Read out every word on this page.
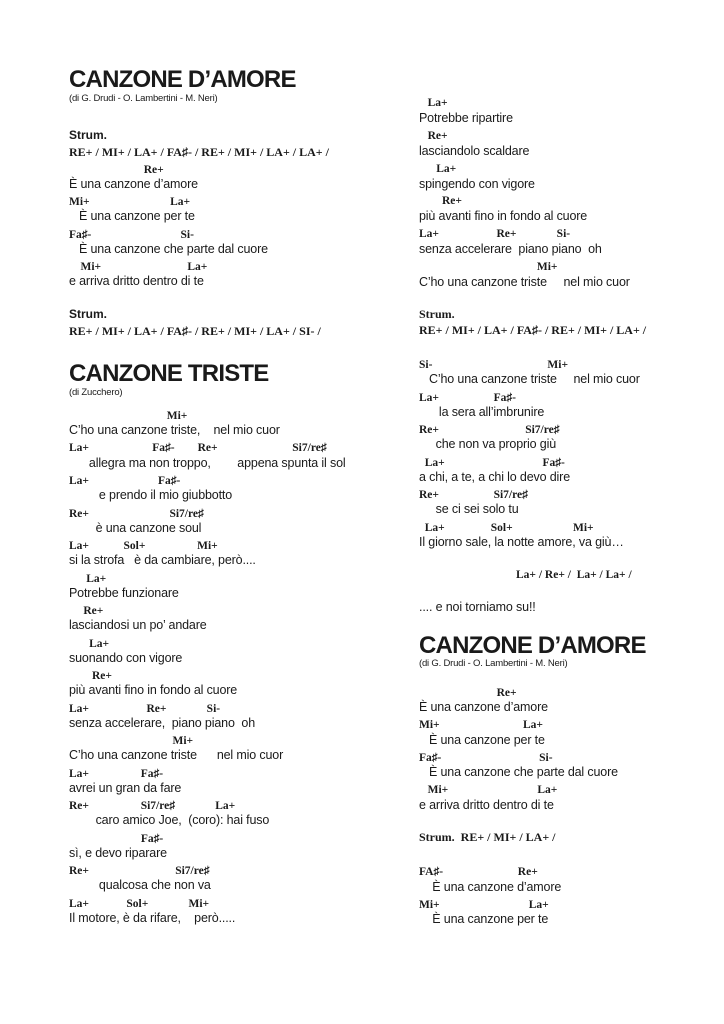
CANZONE D’AMORE
(di G. Drudi - O. Lambertini - M. Neri)
Strum.
RE+ / MI+ / LA+ / FA♯- / RE+ / MI+ / LA+ / LA+ /
Re+
È una canzone d’amore
Mi+                            La+
È una canzone per te
Fa♯-                               Si-
È una canzone che parte dal cuore
Mi+                              La+
e arriva dritto dentro di te
Strum.
RE+ / MI+ / LA+ / FA♯- / RE+ / MI+ / LA+ / SI- /
CANZONE TRISTE
(di Zucchero)
Mi+
C’ho una canzone triste,    nel mio cuor
La+                      Fa♯-        Re+                          Si7/re♯
allegra ma non troppo,        appena spunta il sol
La+                        Fa♯-
e prendo il mio giubbotto
Re+                            Si7/re♯
è una canzone soul
La+            Sol+                  Mi+
si la strofa   è da cambiare, però....
La+
Potrebbe funzionare
Re+
lasciandosi un po’ andare
La+
suonando con vigore
Re+
più avanti fino in fondo al cuore
La+                    Re+              Si-
senza accelerare,  piano piano  oh
Mi+
C’ho una canzone triste      nel mio cuor
La+                  Fa♯-
avrei un gran da fare
Re+                  Si7/re♯              La+
caro amico Joe,  (coro): hai fuso
Fa♯-
sì, e devo riparare
Re+                              Si7/re♯
qualcosa che non va
La+             Sol+              Mi+
Il motore, è da rifare,    però.....
La+
Potrebbe ripartire
Re+
lasciandolo scaldare
La+
spingendo con vigore
Re+
più avanti fino in fondo al cuore
La+                    Re+              Si-
senza accelerare  piano piano  oh
Mi+
C’ho una canzone triste     nel mio cuor
Strum.
RE+ / MI+ / LA+ / FA♯- / RE+ / MI+ / LA+ /
Si-                                        Mi+
C’ho una canzone triste     nel mio cuor
La+                   Fa♯-
la sera all’imbrunire
Re+                              Si7/re♯
che non va proprio giù
La+                                  Fa♯-
a chi, a te, a chi lo devo dire
Re+                   Si7/re♯
se ci sei solo tu
La+                Sol+                     Mi+
Il giorno sale, la notte amore, va giù…
La+ / Re+ /  La+ / La+ /
.... e noi torniamo su!!
CANZONE D’AMORE
(di G. Drudi - O. Lambertini - M. Neri)
Re+
È una canzone d’amore
Mi+                             La+
È una canzone per te
Fa♯-                                  Si-
È una canzone che parte dal cuore
Mi+                               La+
e arriva dritto dentro di te
Strum.  RE+ / MI+ / LA+ /
FA♯-                          Re+
È una canzone d’amore
Mi+                               La+
È una canzone per te
